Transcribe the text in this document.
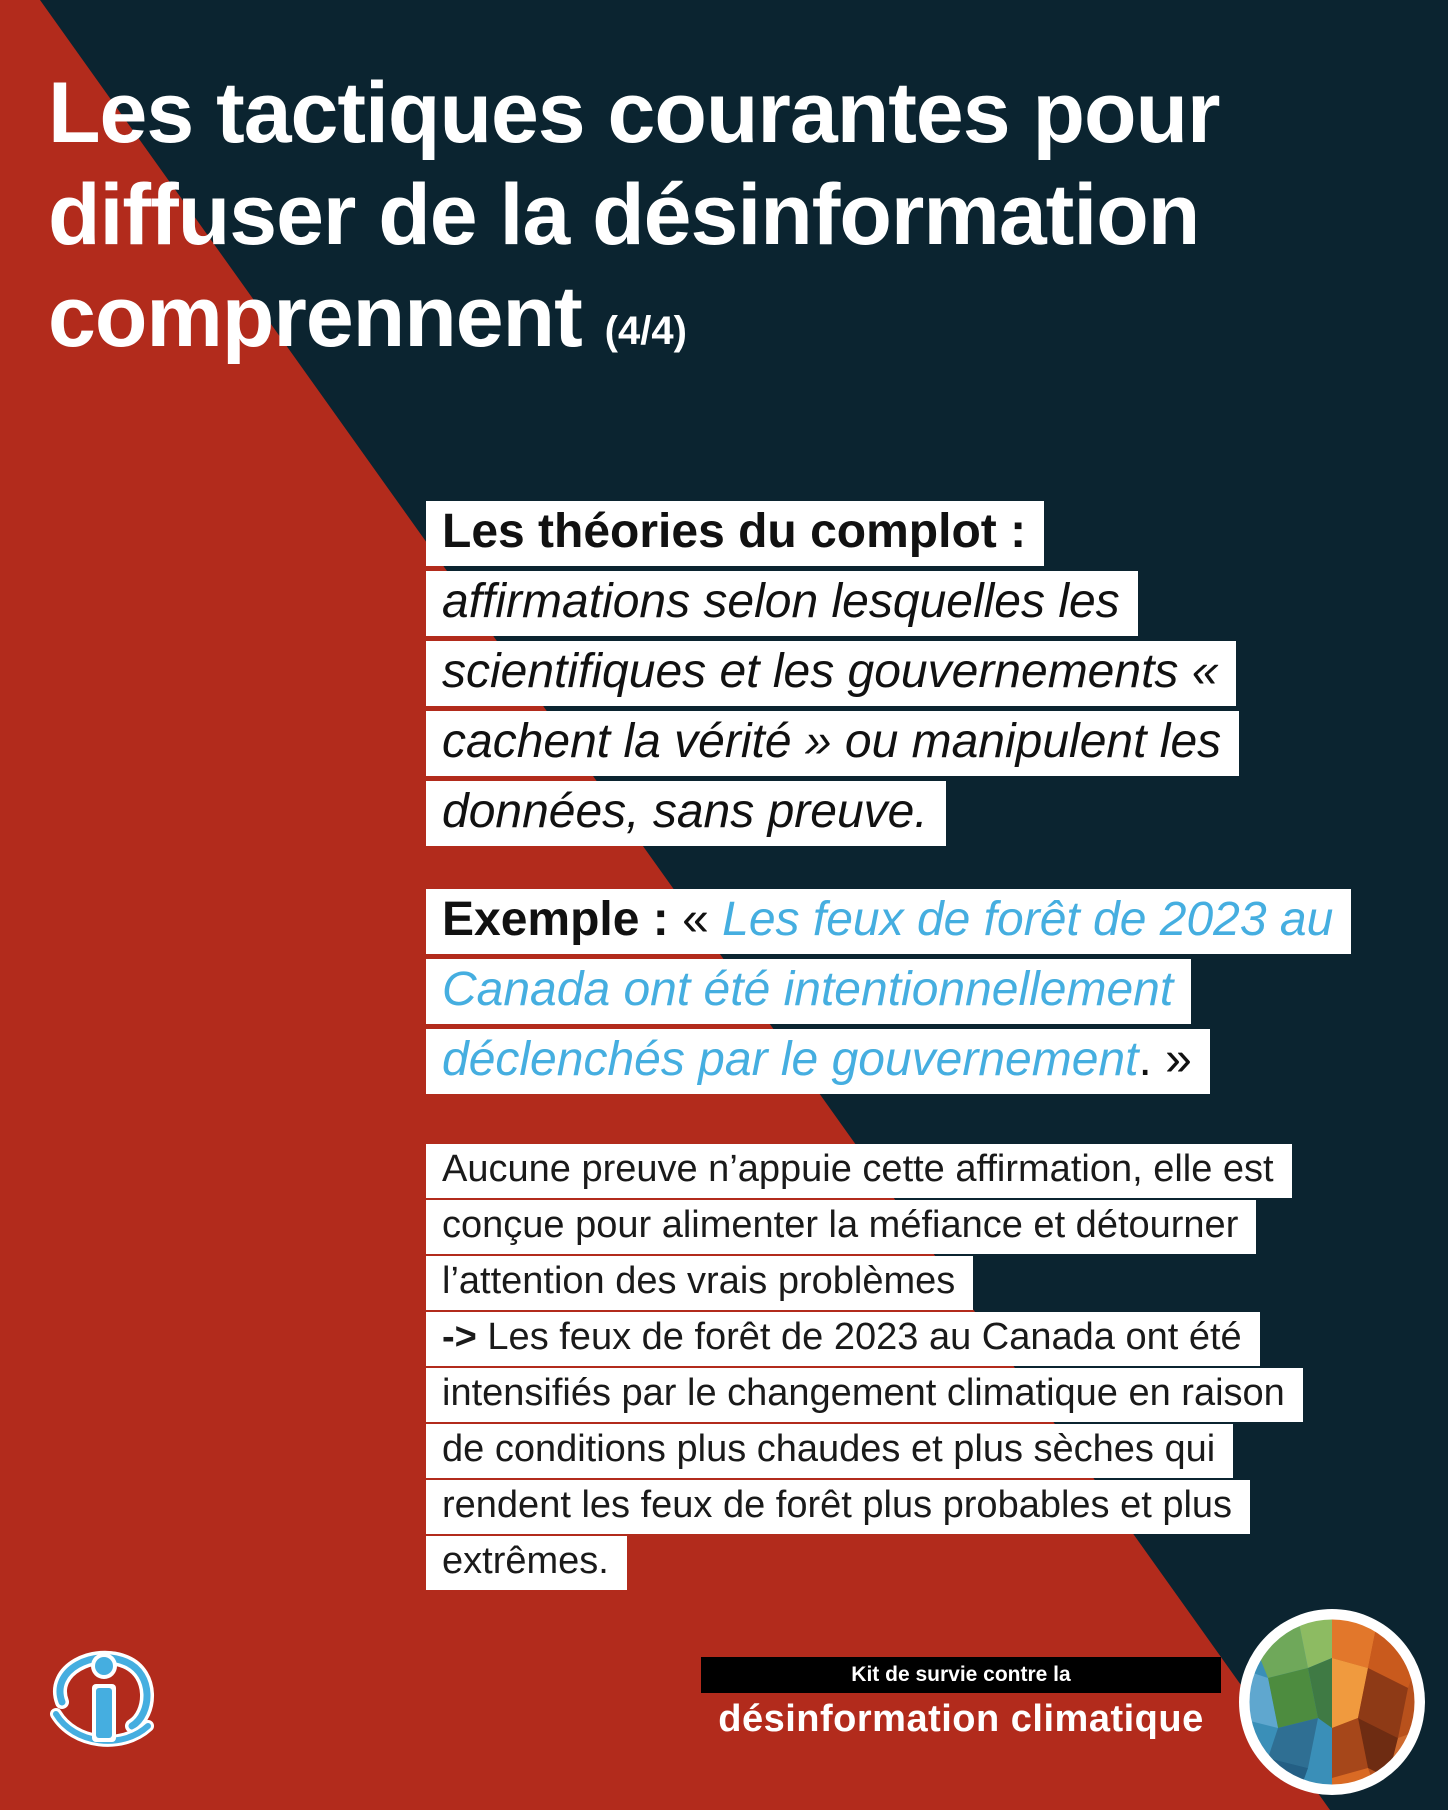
Les tactiques courantes pour
diffuser de la désinformation
comprennent (4/4)
Les théories du complot :
affirmations selon lesquelles les scientifiques et les gouvernements « cachent la vérité » ou manipulent les données, sans preuve.
Exemple : « Les feux de forêt de 2023 au Canada ont été intentionnellement déclenchés par le gouvernement. »
Aucune preuve n’appuie cette affirmation, elle est conçue pour alimenter la méfiance et détourner l’attention des vrais problèmes
-> Les feux de forêt de 2023 au Canada ont été intensifiés par le changement climatique en raison de conditions plus chaudes et plus sèches qui rendent les feux de forêt plus probables et plus extrêmes.
Kit de survie contre la
désinformation climatique
